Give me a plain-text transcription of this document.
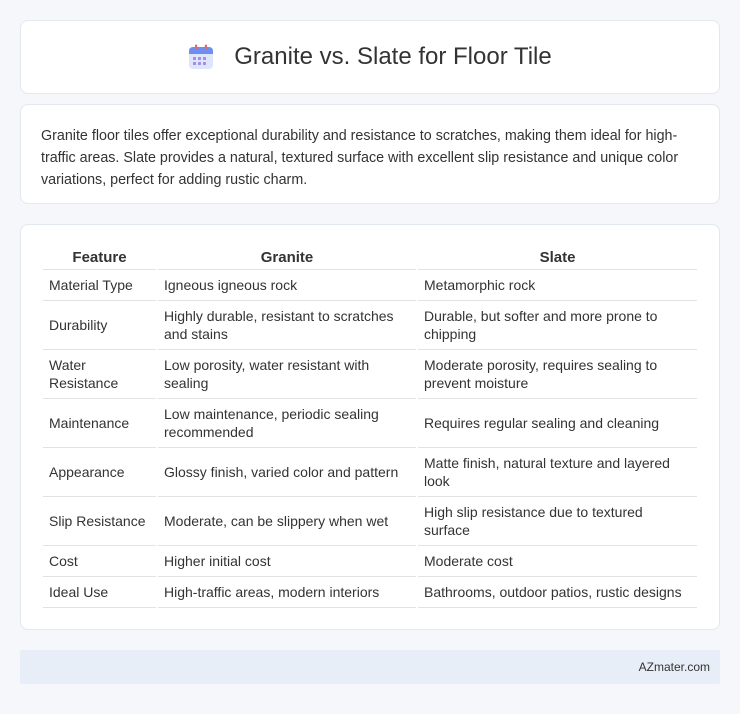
Granite vs. Slate for Floor Tile

Granite floor tiles offer exceptional durability and resistance to scratches, making them ideal for high-traffic areas. Slate provides a natural, textured surface with excellent slip resistance and unique color variations, perfect for adding rustic charm.

Feature	Granite	Slate
Material Type	Igneous igneous rock	Metamorphic rock
Durability	Highly durable, resistant to scratches and stains	Durable, but softer and more prone to chipping
Water Resistance	Low porosity, water resistant with sealing	Moderate porosity, requires sealing to prevent moisture
Maintenance	Low maintenance, periodic sealing recommended	Requires regular sealing and cleaning
Appearance	Glossy finish, varied color and pattern	Matte finish, natural texture and layered look
Slip Resistance	Moderate, can be slippery when wet	High slip resistance due to textured surface
Cost	Higher initial cost	Moderate cost
Ideal Use	High-traffic areas, modern interiors	Bathrooms, outdoor patios, rustic designs
AZmater.com
